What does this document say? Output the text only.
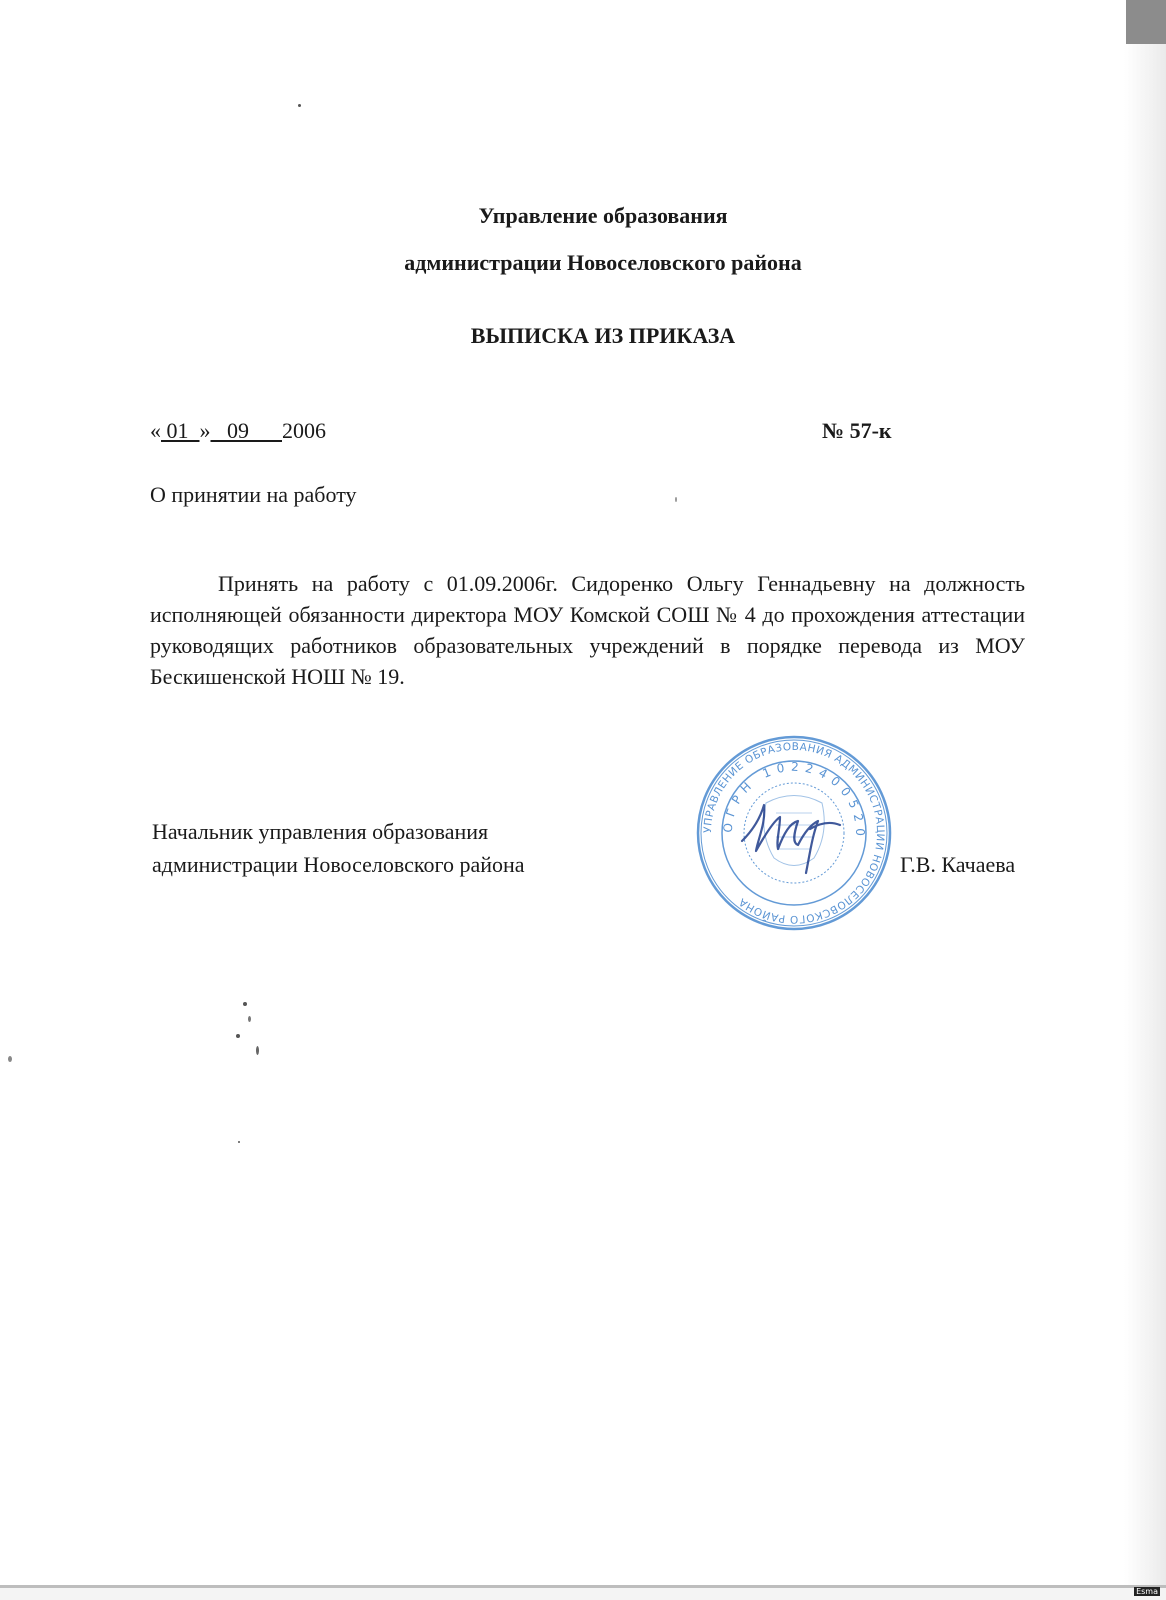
Esma
Управление образования
администрации Новоселовского района
ВЫПИСКА ИЗ ПРИКАЗА
« 01  »   09      2006	№ 57-к
О принятии на работу
Принять на работу с 01.09.2006г. Сидоренко Ольгу Геннадьевну на должность исполняющей обязанности директора МОУ Комской СОШ № 4 до прохождения аттестации руководящих работников образовательных учреждений в порядке перевода из МОУ Бескишенской НОШ № 19.
Начальник управления образования
администрации Новоселовского района	Г.В. Качаева
УПРАВЛЕНИЕ ОБРАЗОВАНИЯ АДМИНИСТРАЦИИ НОВОСЕЛОВСКОГО РАЙОНА
ОГРН 1022400520
